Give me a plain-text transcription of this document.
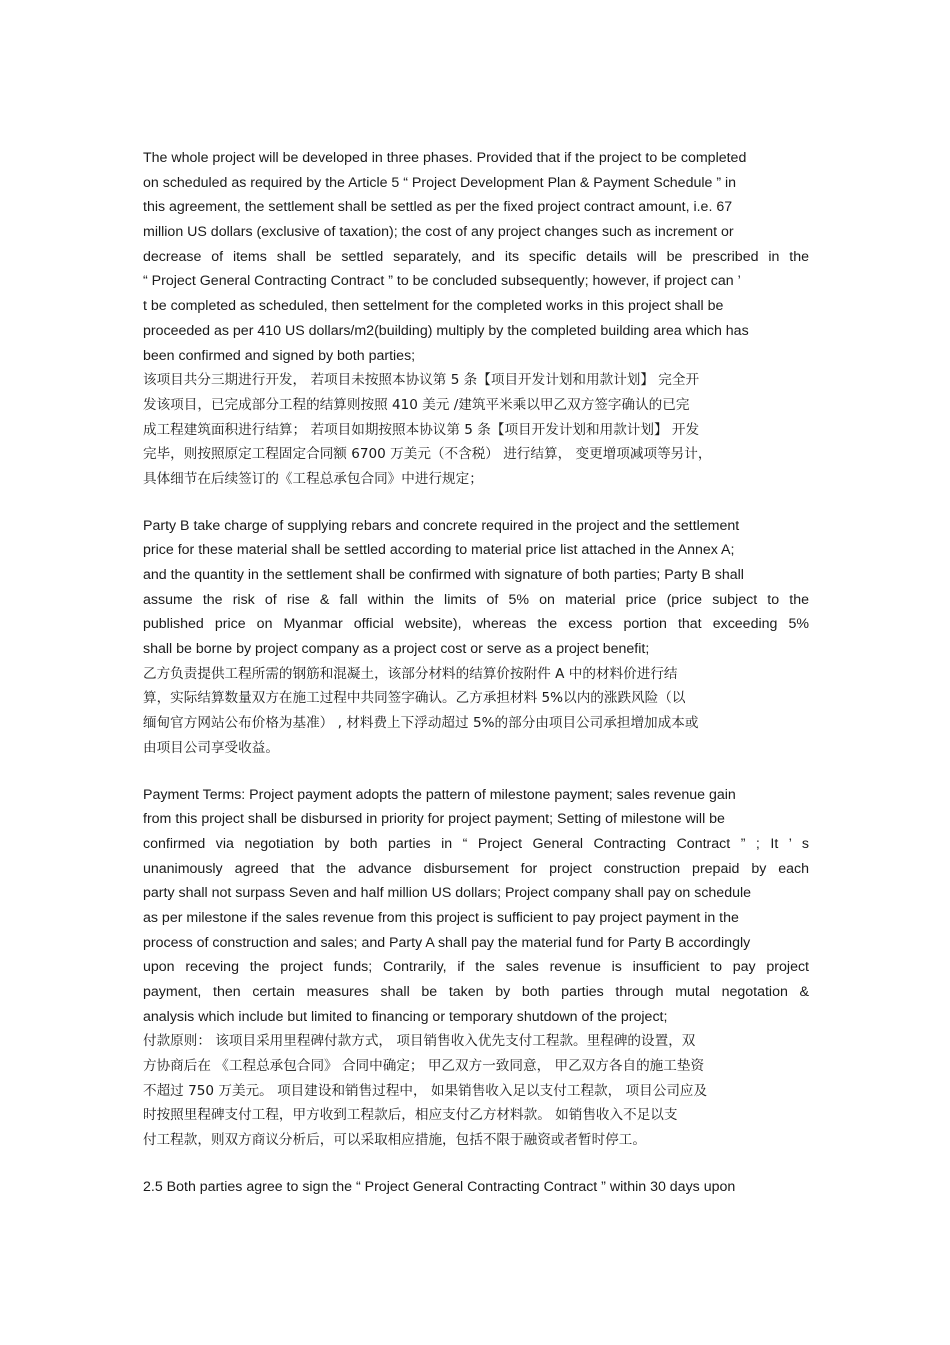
The whole project will be developed in three phases. Provided that if the project to be completed
on scheduled as required by the Article 5 “ Project Development Plan & Payment Schedule ” in
this agreement, the settlement shall be settled as per the fixed project contract amount, i.e. 67
million US dollars (exclusive of taxation); the cost of any project changes such as increment or
decrease of items shall be settled separately, and its specific details will be prescribed in the
“ Project General Contracting Contract ” to be concluded subsequently; however, if project can ’
t be completed as scheduled, then settelment for the completed works in this project shall be
proceeded as per 410 US dollars/m2(building) multiply by the completed building area which has
been confirmed and signed by both parties;
该项目共分三期进行开发， 若项目未按照本协议第 5 条【项目开发计划和用款计划】 完全开
发该项目，已完成部分工程的结算则按照 410 美元 /建筑平米乘以甲乙双方签字确认的已完
成工程建筑面积进行结算； 若项目如期按照本协议第 5 条【项目开发计划和用款计划】 开发
完毕，则按照原定工程固定合同额 6700 万美元（不含税） 进行结算， 变更增项减项等另计，
具体细节在后续签订的《工程总承包合同》中进行规定；
Party B take charge of supplying rebars and concrete required in the project and the settlement
price for these material shall be settled according to material price list attached in the Annex A;
and the quantity in the settlement shall be confirmed with signature of both parties; Party B shall
assume the risk of rise & fall within the limits of 5% on material price (price subject to the
published price on Myanmar official website), whereas the excess portion that exceeding 5%
shall be borne by project company as a project cost or serve as a project benefit;
乙方负责提供工程所需的钢筋和混凝土，该部分材料的结算价按附件 A 中的材料价进行结
算，实际结算数量双方在施工过程中共同签字确认。乙方承担材料 5%以内的涨跌风险（以
缅甸官方网站公布价格为基准） , 材料费上下浮动超过 5%的部分由项目公司承担增加成本或
由项目公司享受收益。
Payment Terms: Project payment adopts the pattern of milestone payment; sales revenue gain
from this project shall be disbursed in priority for project payment; Setting of milestone will be
confirmed via negotiation by both parties in “ Project General Contracting Contract ” ; It ’ s
unanimously agreed that the advance disbursement for project construction prepaid by each
party shall not surpass Seven and half million US dollars; Project company shall pay on schedule
as per milestone if the sales revenue from this project is sufficient to pay project payment in the
process of construction and sales; and Party A shall pay the material fund for Party B accordingly
upon receving the project funds; Contrarily, if the sales revenue is insufficient to pay project
payment, then certain measures shall be taken by both parties through mutal negotation &
analysis which include but limited to financing or temporary shutdown of the project;
付款原则： 该项目采用里程碑付款方式， 项目销售收入优先支付工程款。里程碑的设置，双
方协商后在 《工程总承包合同》 合同中确定； 甲乙双方一致同意， 甲乙双方各自的施工垫资
不超过 750 万美元。 项目建设和销售过程中， 如果销售收入足以支付工程款， 项目公司应及
时按照里程碑支付工程，甲方收到工程款后，相应支付乙方材料款。 如销售收入不足以支
付工程款，则双方商议分析后，可以采取相应措施，包括不限于融资或者暂时停工。
2.5 Both parties agree to sign the “ Project General Contracting Contract ” within 30 days upon
